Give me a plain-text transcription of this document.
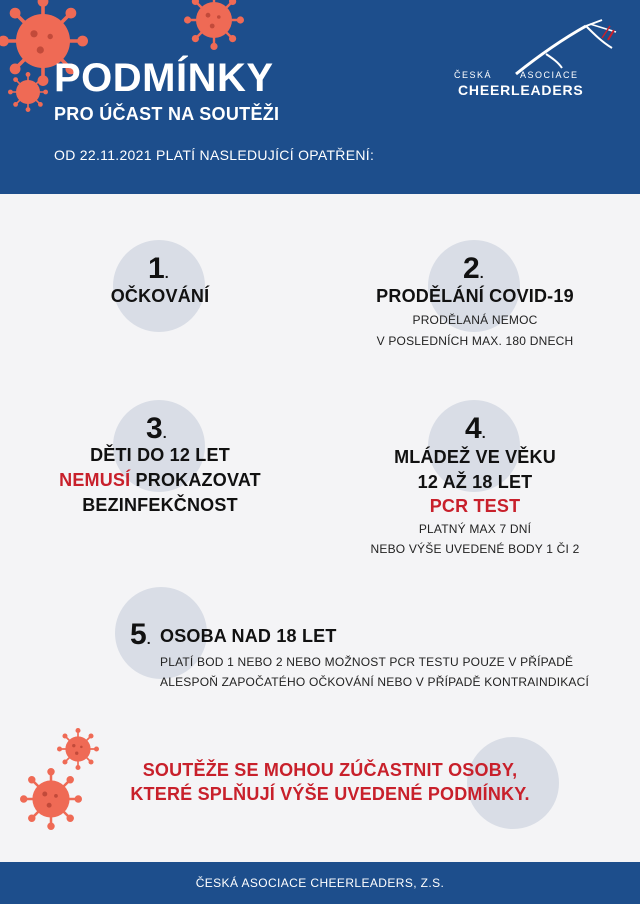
PODMÍNKY
PRO ÚČAST NA SOUTĚŽI
OD 22.11.2021 PLATÍ NASLEDUJÍCÍ OPATŘENÍ:
ČESKÁ	ASOCIACE
CHEERLEADERS
1.
OČKOVÁNÍ
2.
PRODĚLÁNÍ COVID-19
PRODĚLANÁ NEMOC
V POSLEDNÍCH MAX. 180 DNECH
3.
DĚTI DO 12 LET
NEMUSÍ PROKAZOVAT
BEZINFEKČNOST
4.
MLÁDEŽ VE VĚKU
12 AŽ 18 LET
PCR TEST
PLATNÝ MAX 7 DNÍ
NEBO VÝŠE UVEDENÉ BODY 1 ČI 2
5. OSOBA NAD 18 LET
PLATÍ BOD 1 NEBO 2 NEBO MOŽNOST PCR TESTU POUZE V PŘÍPADĚ
ALESPOŇ ZAPOČATÉHO OČKOVÁNÍ NEBO V PŘÍPADĚ KONTRAINDIKACÍ
SOUTĚŽE SE MOHOU ZÚČASTNIT OSOBY,
KTERÉ SPLŇUJÍ VÝŠE UVEDENÉ PODMÍNKY.
ČESKÁ ASOCIACE CHEERLEADERS, Z.S.
